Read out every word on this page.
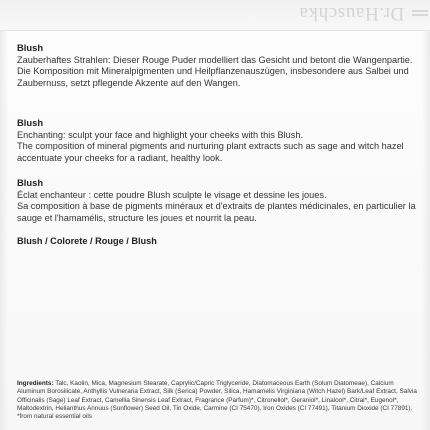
Dr.Hauschka
Blush

Zauberhaftes Strahlen: Dieser Rouge Puder modelliert das Gesicht und betont die Wangenpartie.

Die Komposition mit Mineralpigmenten und Heilpflanzenauszügen, insbesondere aus Salbei und Zaubernuss, setzt pflegende Akzente auf den Wangen.

Blush

Enchanting: sculpt your face and highlight your cheeks with this Blush.

The composition of mineral pigments and nurturing plant extracts such as sage and witch hazel accentuate your cheeks for a radiant, healthy look.

Blush

Éclat enchanteur : cette poudre Blush sculpte le visage et dessine les joues.

Sa composition à base de pigments minéraux et d'extraits de plantes médicinales, en particulier la sauge et l'hamamélis, structure les joues et nourrit la peau.

Blush / Colorete / Rouge / Blush
Ingredients: Talc, Kaolin, Mica, Magnesium Stearate, Caprylic/Capric Triglyceride, Diatomaceous Earth (Solum Diatomeae), Calcium Aluminum Borosilicate, Anthyllis Vulneraria Extract, Silk (Serica) Powder, Silica, Hamamelis Virginiana (Witch Hazel) Bark/Leaf Extract, Salvia Officinalis (Sage) Leaf Extract, Camellia Sinensis Leaf Extract, Fragrance (Parfum)*, Citronellol*, Geraniol*, Linalool*, Citral*, Eugenol*, Maltodextrin, Helianthus Annuus (Sunflower) Seed Oil, Tin Oxide, Carmine (CI 75470), Iron Oxides (CI 77491), Titanium Dioxide (CI 77891).
*from natural essential oils
